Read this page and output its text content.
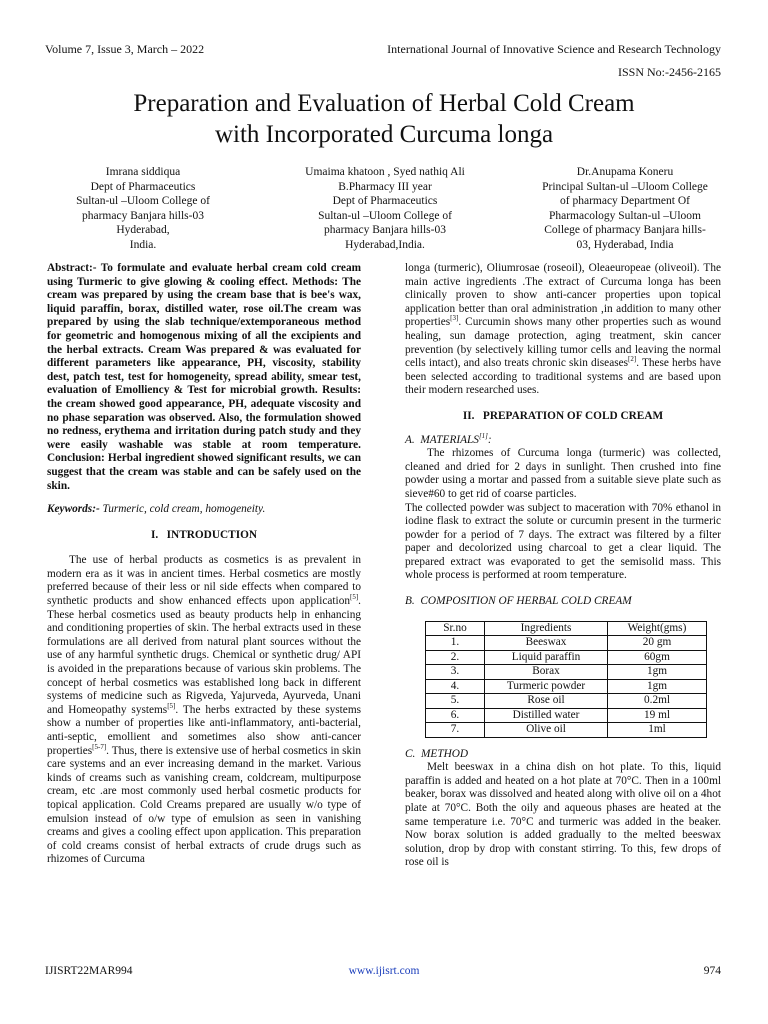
Volume 7, Issue 3, March – 2022	International Journal of Innovative Science and Research Technology
ISSN No:-2456-2165
Preparation and Evaluation of Herbal Cold Cream
with Incorporated Curcuma longa
Imrana siddiqua
Dept of Pharmaceutics
Sultan-ul –Uloom College of
pharmacy Banjara hills-03
Hyderabad,
India.
Umaima khatoon , Syed nathiq Ali
B.Pharmacy III year
Dept of Pharmaceutics
Sultan-ul –Uloom College of
pharmacy Banjara hills-03
Hyderabad,India.
Dr.Anupama Koneru
Principal Sultan-ul –Uloom College
of pharmacy Department Of
Pharmacology Sultan-ul –Uloom
College of pharmacy Banjara hills-
03, Hyderabad, India

Abstract:- To formulate and evaluate herbal cream cold cream using Turmeric to give glowing & cooling effect. Methods: The cream was prepared by using the cream base that is bee's wax, liquid paraffin, borax, distilled water, rose oil.The cream was prepared by using the slab technique/extemporaneous method for geometric and homogenous mixing of all the excipients and the herbal extracts. Cream Was prepared & was evaluated for different parameters like appearance, PH, viscosity, stability dest, patch test, test for homogeneity, spread ability, smear test, evaluation of Emolliency & Test for microbial growth. Results: the cream showed good appearance, PH, adequate viscosity and no phase separation was observed. Also, the formulation showed no redness, erythema and irritation during patch study and they were easily washable was stable at room temperature. Conclusion: Herbal ingredient showed significant results, we can suggest that the cream was stable and can be safely used on the skin.

Keywords:- Turmeric, cold cream, homogeneity.

I.   INTRODUCTION

The use of herbal products as cosmetics is as prevalent in modern era as it was in ancient times. Herbal cosmetics are mostly preferred because of their less or nil side effects when compared to synthetic products and show enhanced effects upon application[5]. These herbal cosmetics used as beauty products help in enhancing and conditioning properties of skin. The herbal extracts used in these formulations are all derived from natural plant sources without the use of any harmful synthetic drugs. Chemical or synthetic drug/ API is avoided in the preparations because of various skin problems. The concept of herbal cosmetics was established long back in different systems of medicine such as Rigveda, Yajurveda, Ayurveda, Unani and Homeopathy systems[5]. The herbs extracted by these systems show a number of properties like anti-inflammatory, anti-bacterial, anti-septic, emollient and sometimes also show anti-cancer properties[5-7]. Thus, there is extensive use of herbal cosmetics in skin care systems and an ever increasing demand in the market. Various kinds of creams such as vanishing cream, coldcream, multipurpose cream, etc .are most commonly used herbal cosmetic products for topical application. Cold Creams prepared are usually w/o type of emulsion instead of o/w type of emulsion as seen in vanishing creams and gives a cooling effect upon application. This preparation of cold creams consist of herbal extracts of crude drugs such as rhizomes of Curcuma

longa (turmeric), Oliumrosae (roseoil), Oleaeuropeae (oliveoil). The main active ingredients .The extract of Curcuma longa has been clinically proven to show anti-cancer properties upon topical application better than oral administration ,in addition to many other properties[3]. Curcumin shows many other properties such as wound healing, sun damage protection, aging treatment, skin cancer prevention (by selectively killing tumor cells and leaving the normal cells intact), and also treats chronic skin diseases[2]. These herbs have been selected according to traditional systems and are based upon their modern researched uses.

II.   PREPARATION OF COLD CREAM

A.  MATERIALS[1]:

The rhizomes of Curcuma longa (turmeric) was collected, cleaned and dried for 2 days in sunlight. Then crushed into fine powder using a mortar and passed from a suitable sieve plate such as sieve#60 to get rid of coarse particles.

The collected powder was subject to maceration with 70% ethanol in iodine flask to extract the solute or curcumin present in the turmeric powder for a period of 7 days. The extract was filtered by a filter paper and decolorized using charcoal to get a clear liquid. The prepared extract was evaporated to get the semisolid mass. This whole process is performed at room temperature.

B.  COMPOSITION OF HERBAL COLD CREAM

Sr.no	Ingredients	Weight(gms)
1.	Beeswax	20 gm
2.	Liquid paraffin	60gm
3.	Borax	1gm
4.	Turmeric powder	1gm
5.	Rose oil	0.2ml
6.	Distilled water	19 ml
7.	Olive oil	1ml

C.  METHOD

Melt beeswax in a china dish on hot plate. To this, liquid paraffin is added and heated on a hot plate at 70°C. Then in a 100ml beaker, borax was dissolved and heated along with olive oil on a 4hot plate at 70°C. Both the oily and aqueous phases are heated at the same temperature i.e. 70°C and turmeric was added in the beaker. Now borax solution is added gradually to the melted beeswax solution, drop by drop with constant stirring. To this, few drops of rose oil is

IJISRT22MAR994	www.ijisrt.com	974
